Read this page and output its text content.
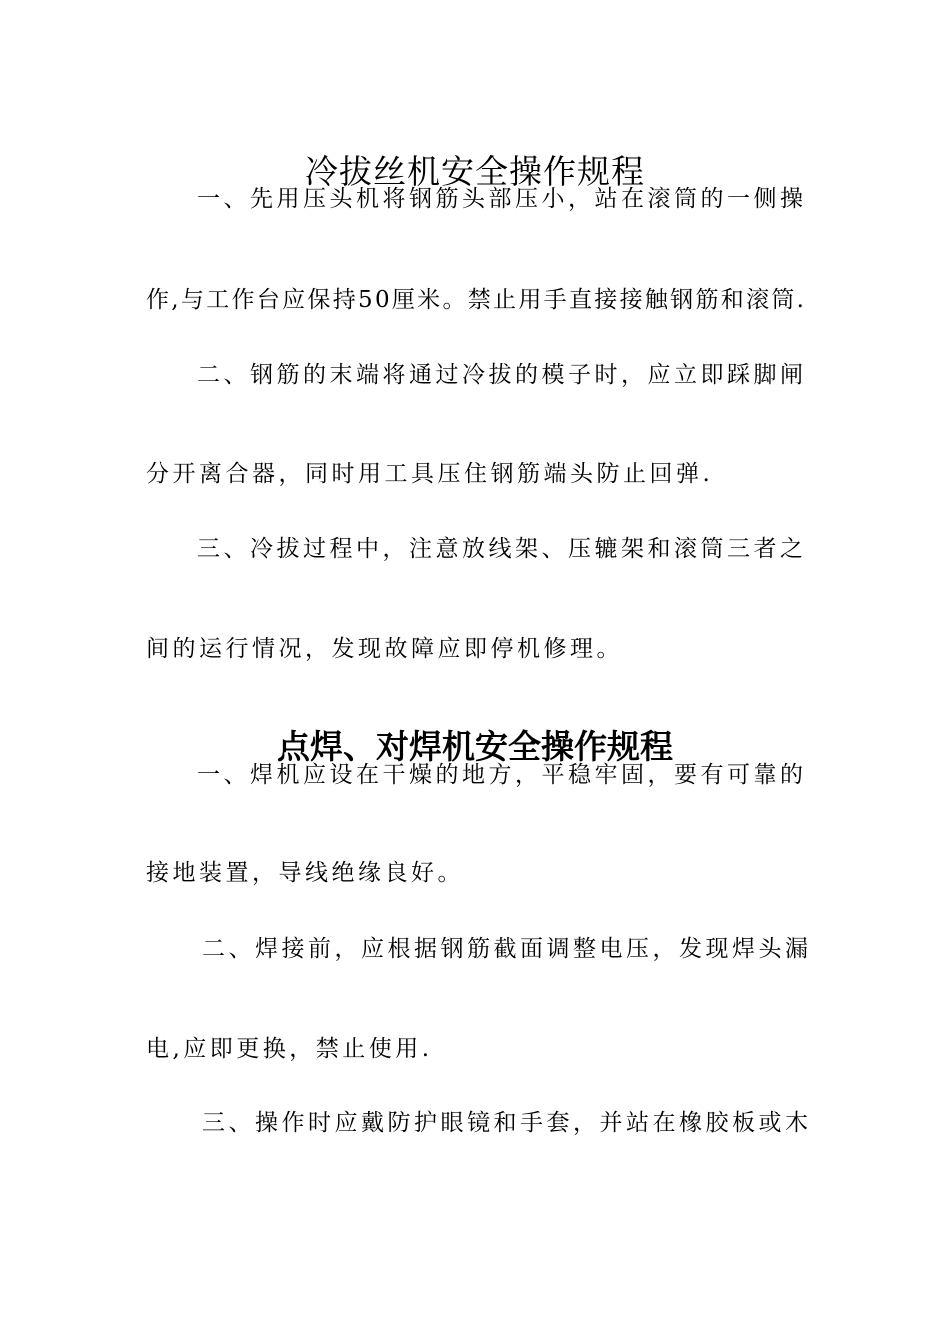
冷拔丝机安全操作规程
一、先用压头机将钢筋头部压小，站在滚筒的一侧操
作,与工作台应保持50厘米。禁止用手直接接触钢筋和滚筒.
二、钢筋的末端将通过冷拔的模子时，应立即踩脚闸
分开离合器，同时用工具压住钢筋端头防止回弹.
三、冷拔过程中，注意放线架、压辘架和滚筒三者之
间的运行情况，发现故障应即停机修理。
点焊、对焊机安全操作规程
一、焊机应设在干燥的地方，平稳牢固，要有可靠的
接地装置，导线绝缘良好。
二、焊接前，应根据钢筋截面调整电压，发现焊头漏
电,应即更换，禁止使用.
三、操作时应戴防护眼镜和手套，并站在橡胶板或木
